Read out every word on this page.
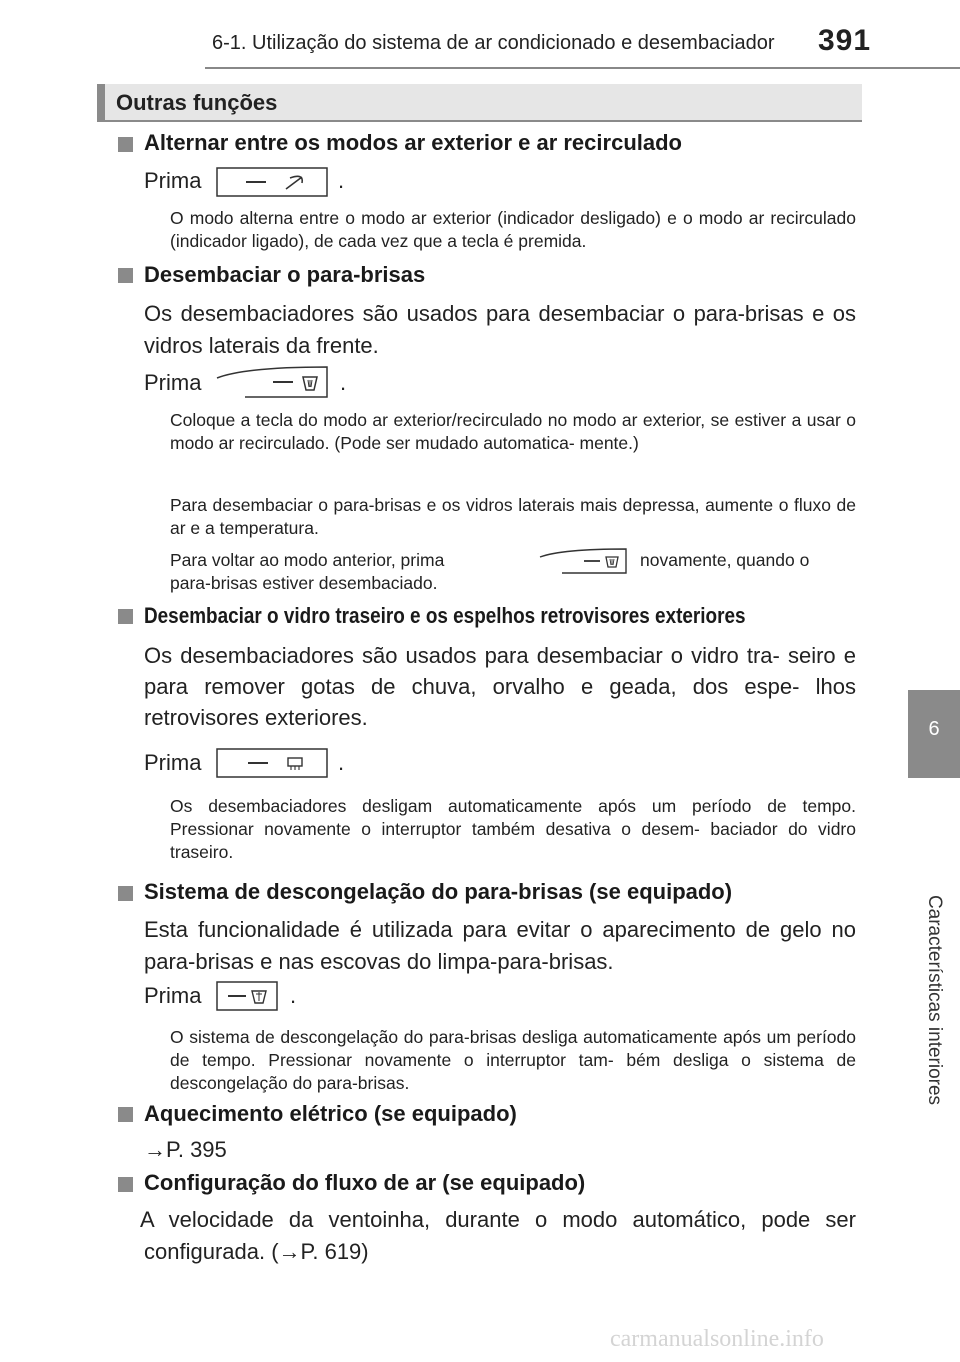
6-1. Utilização do sistema de ar condicionado e desembaciador 391
6
Características interiores
Outras funções
Alternar entre os modos ar exterior e ar recirculado
Prima	.
O modo alterna entre o modo ar exterior (indicador desligado) e o modo ar recirculado (indicador ligado), de cada vez que a tecla é premida.
Desembaciar o para-brisas
Os desembaciadores são usados para desembaciar o para-brisas e os vidros laterais da frente.
Prima	.
Coloque a tecla do modo ar exterior/recirculado no modo ar exterior, se estiver a usar o modo ar recirculado. (Pode ser mudado automatica- mente.)
Para desembaciar o para-brisas e os vidros laterais mais depressa, aumente o fluxo de ar e a temperatura.
Para voltar ao modo anterior, prima	novamente, quando o
para-brisas estiver desembaciado.
Desembaciar o vidro traseiro e os espelhos retrovisores exteriores
Os desembaciadores são usados para desembaciar o vidro tra- seiro e para remover gotas de chuva, orvalho e geada, dos espe- lhos retrovisores exteriores.
Prima	.
Os desembaciadores desligam automaticamente após um período de tempo. Pressionar novamente o interruptor também desativa o desem- baciador do vidro traseiro.
Sistema de descongelação do para-brisas (se equipado)
Esta funcionalidade é utilizada para evitar o aparecimento de gelo no para-brisas e nas escovas do limpa-para-brisas.
Prima	.
O sistema de descongelação do para-brisas desliga automaticamente após um período de tempo. Pressionar novamente o interruptor tam- bém desliga o sistema de descongelação do para-brisas.
Aquecimento elétrico (se equipado)
→P. 395
Configuração do fluxo de ar (se equipado)
A velocidade da ventoinha, durante o modo automático, pode ser configurada. (→P. 619)
carmanualsonline.info
